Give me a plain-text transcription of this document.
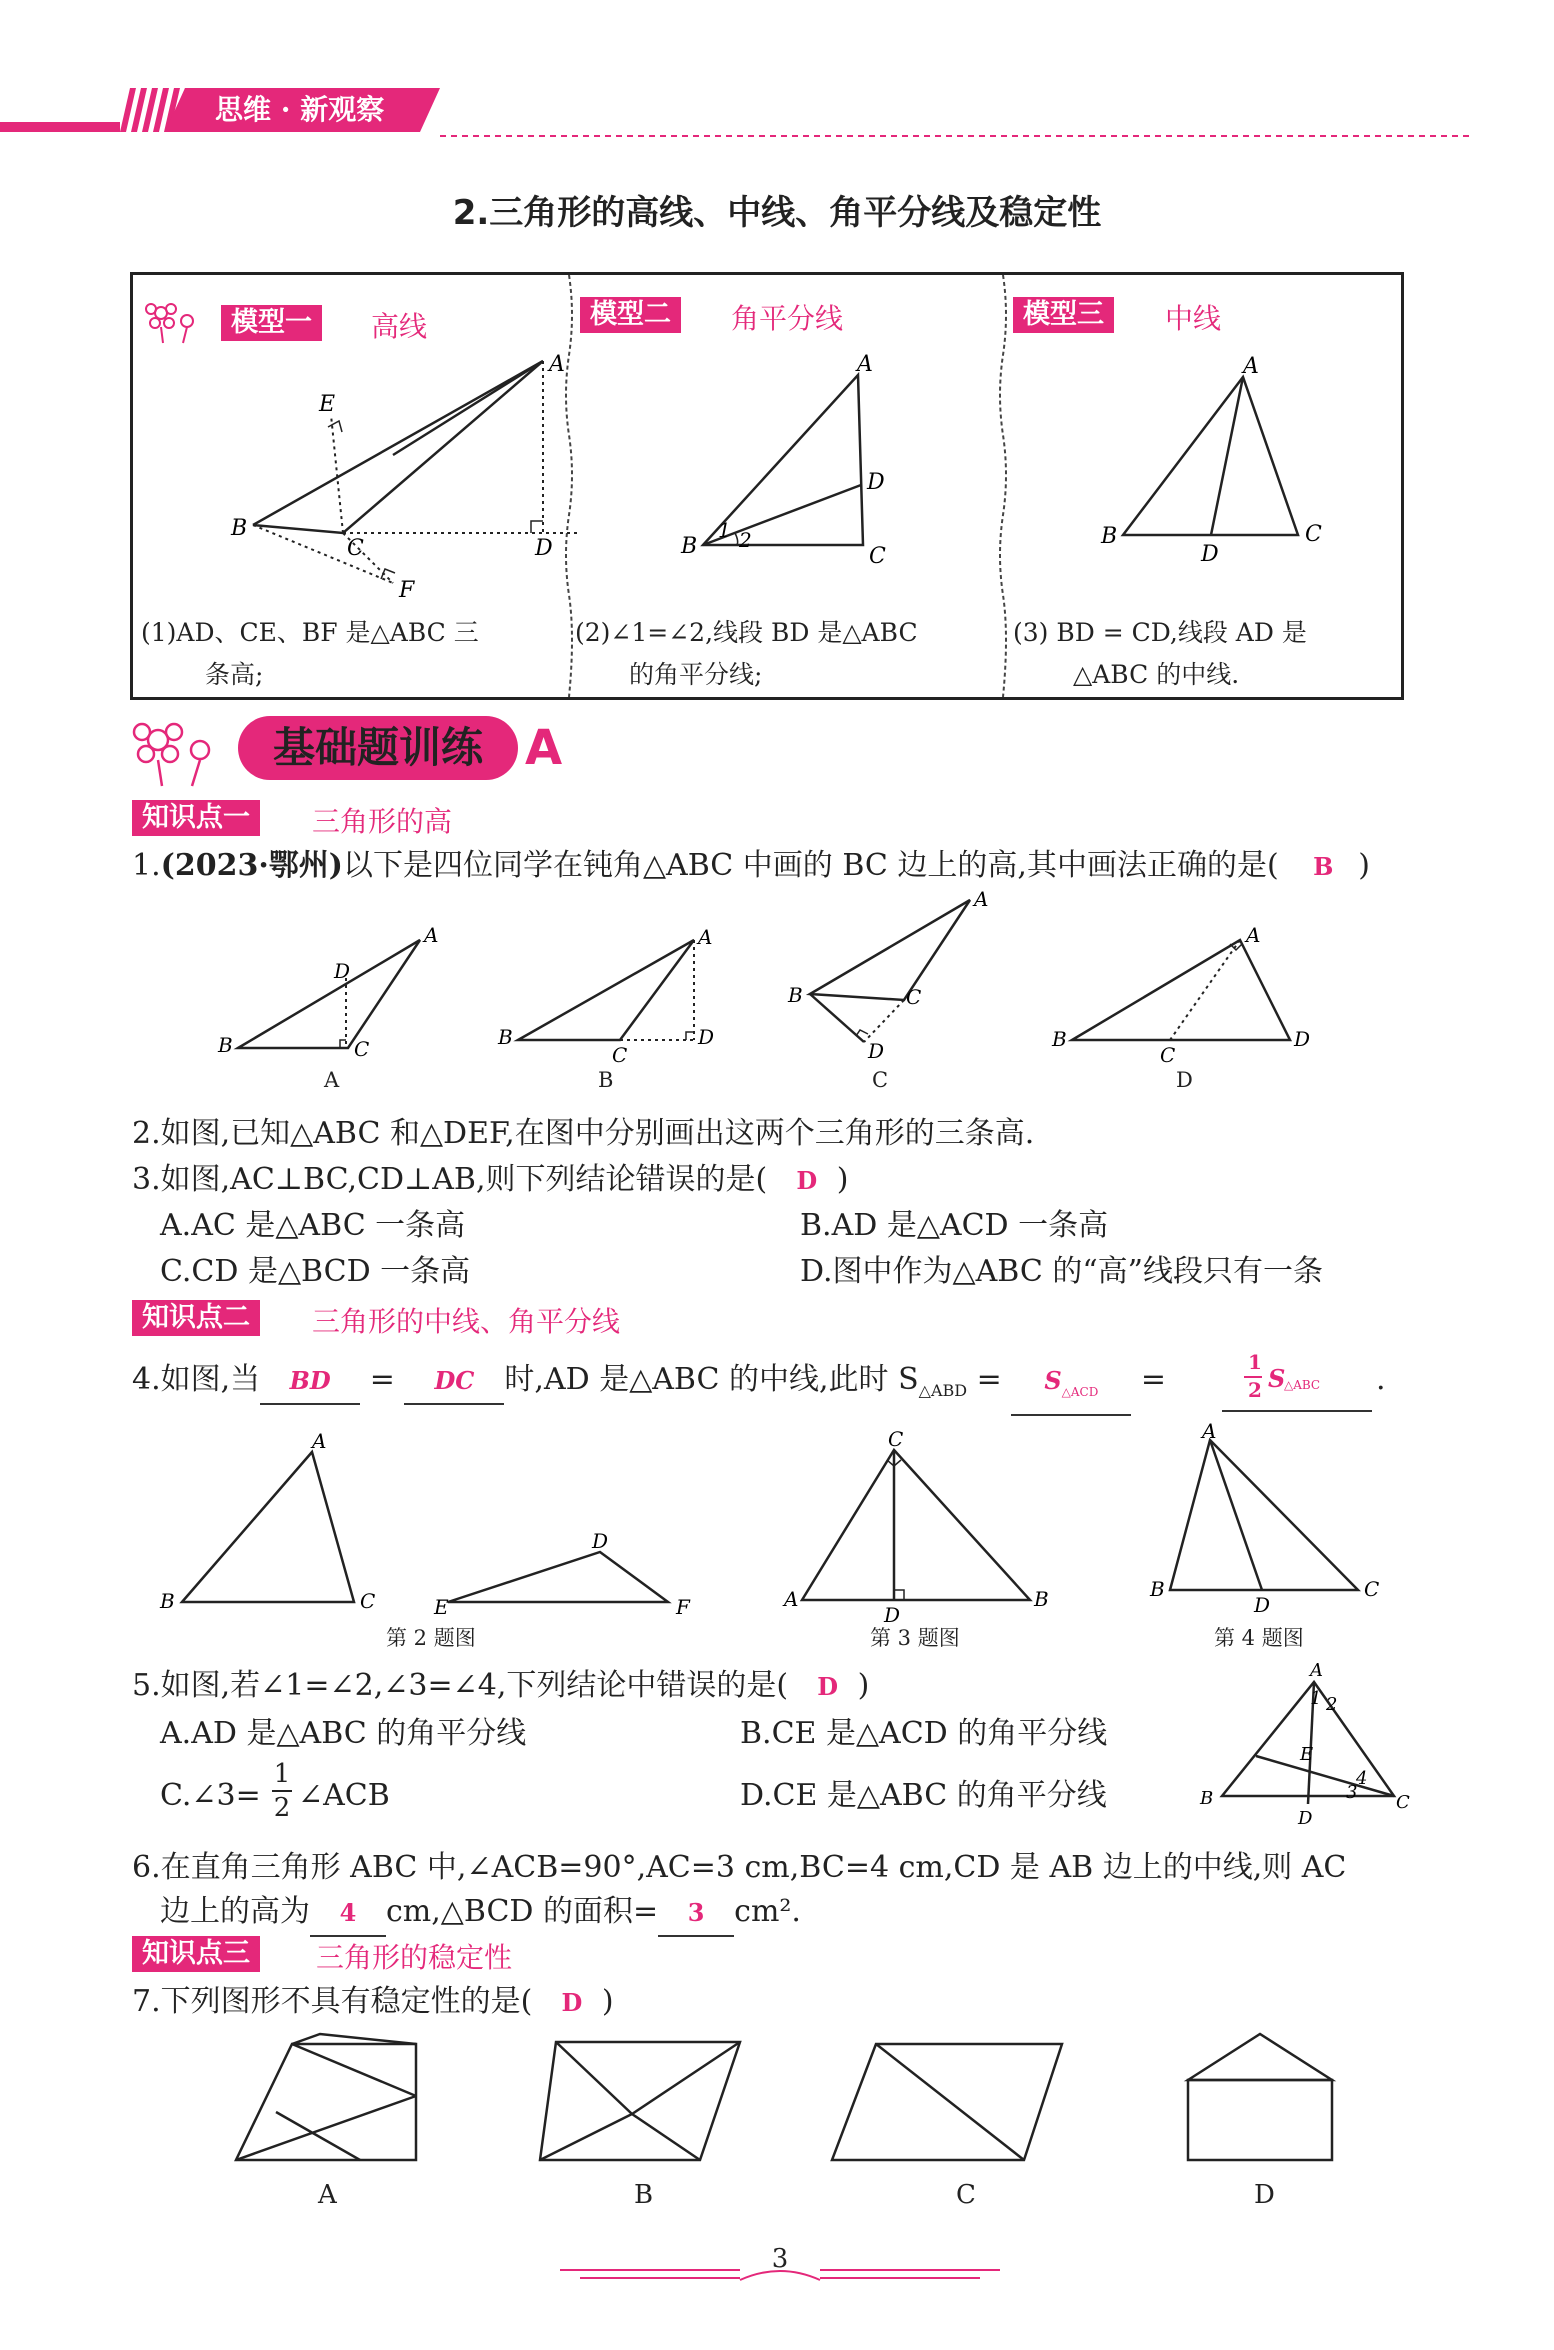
思维 · 新观察
2.三角形的高线、中线、角平分线及稳定性
模型一	高线
A
E
B
C	D
F
(1)AD、CE、BF 是△ABC 三
条高;
模型二	角平分线
1 2
A
D
B	C
(2)∠1=∠2,线段 BD 是△ABC
的角平分线;
模型三	中线
A
B	C
D
(3) BD = CD,线段 AD 是
△ABC 的中线.
基础题训练 A
知识点一	三角形的高
1.(2023·鄂州)以下是四位同学在钝角△ABC 中画的 BC 边上的高,其中画法正确的是( B )
B
A
D
C	B
A
C
D
A
B	C
D	B
A
C
D
A	B	C	D
2.如图,已知△ABC 和△DEF,在图中分别画出这两个三角形的三条高.
3.如图,AC⊥BC,CD⊥AB,则下列结论错误的是( D )
A.AC 是△ABC 一条高	B.AD 是△ACD 一条高
C.CD 是△BCD 一条高	D.图中作为△ABC 的“高”线段只有一条
知识点二	三角形的中线、角平分线
4.如图,当 BD = DC 时,AD 是△ABC 的中线,此时 $S_{\triangle ABD} = S_{\triangle ACD}$ =	1
2 S
△ABC .
A
B	C
D
E	F
C
A	B
D
A
B	C
D
第 2 题图	第 3 题图	第 4 题图
5.如图,若∠1=∠2,∠3=∠4,下列结论中错误的是( D )
A.AD 是△ABC 的角平分线	B.CE 是△ACD 的角平分线
C.∠3= $\frac{1}{2}$ ∠ACB	D.CE 是△ABC 的角平分线
A
B	C
D
E
1 2
4
3
6.在直角三角形 ABC 中,∠ACB=90°,AC=3 cm,BC=4 cm,CD 是 AB 边上的中线,则 AC
边上的高为 4 cm,△BCD 的面积= 3 cm².
知识点三	三角形的稳定性
7.下列图形不具有稳定性的是( D )
A	B	C	D
3
